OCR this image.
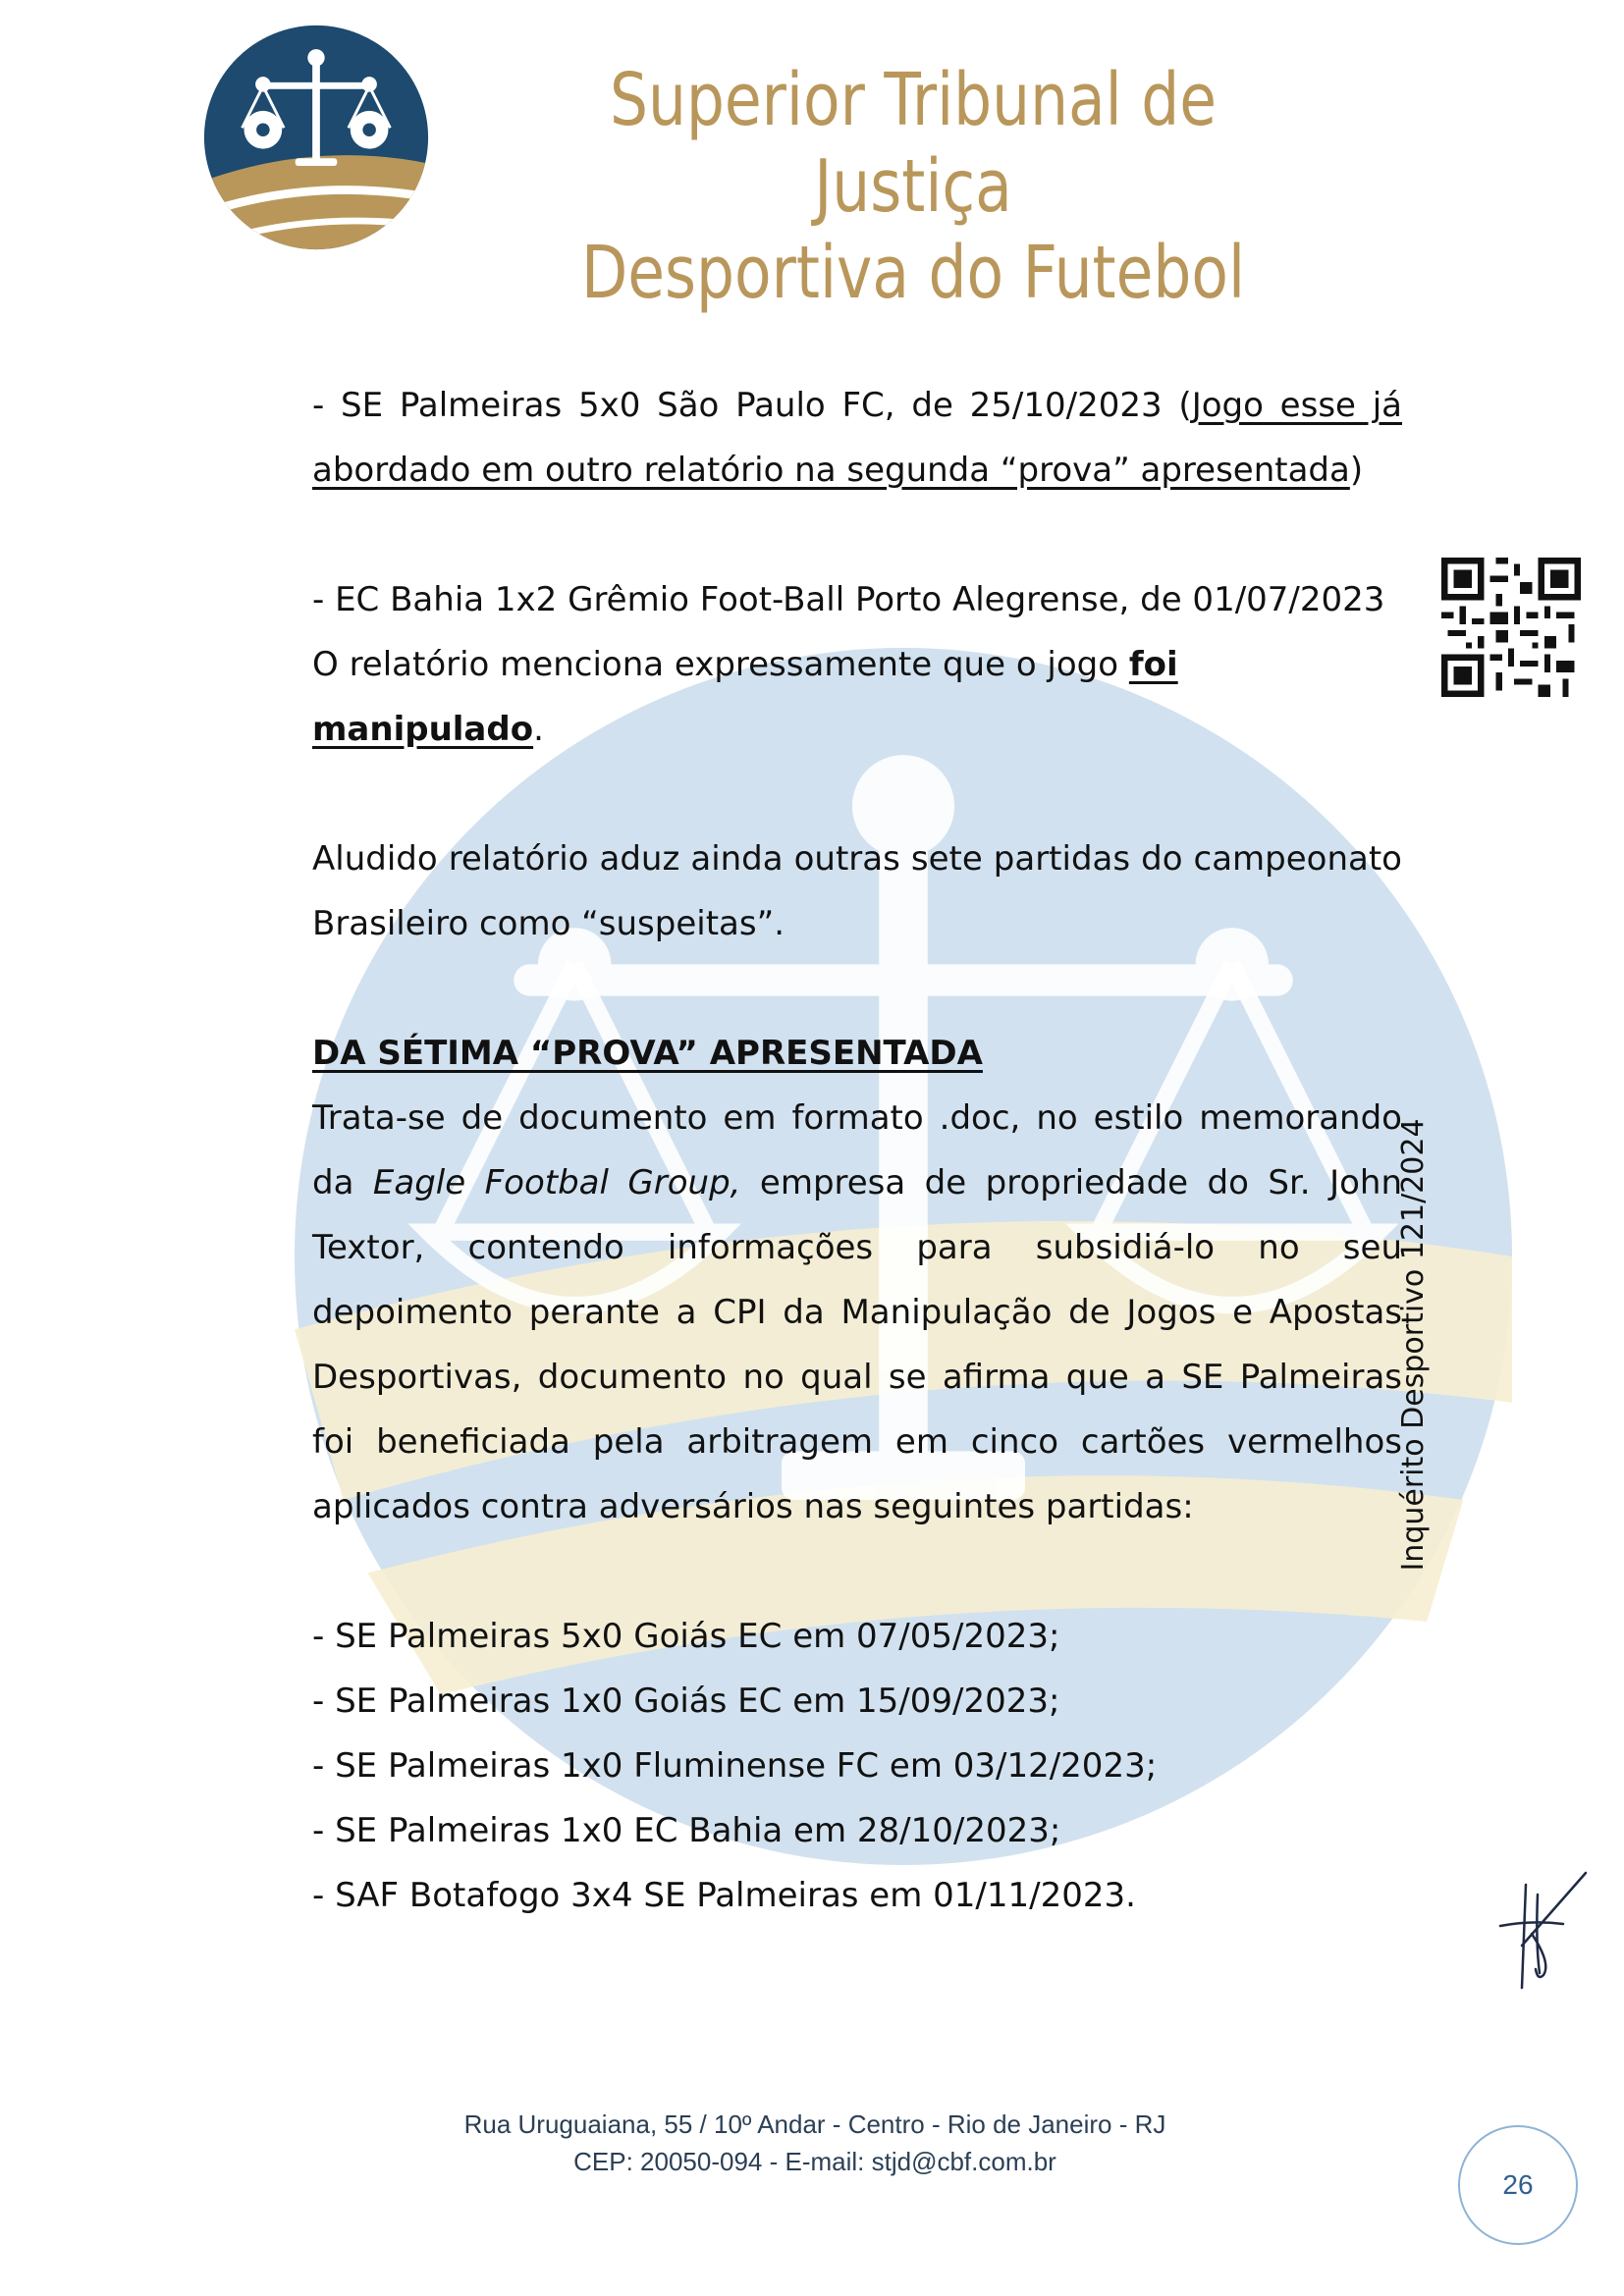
Superior Tribunal de Justiça
Desportiva do Futebol

- SE Palmeiras 5x0 São Paulo FC, de 25/10/2023 (Jogo esse já abordado em outro relatório na segunda “prova” apresentada)

- EC Bahia 1x2 Grêmio Foot-Ball Porto Alegrense, de 01/07/2023
O relatório menciona expressamente que o jogo foi manipulado.

Aludido relatório aduz ainda outras sete partidas do campeonato Brasileiro como “suspeitas”.

DA SÉTIMA “PROVA” APRESENTADA

Trata-se de documento em formato .doc, no estilo memorando da Eagle Footbal Group, empresa de propriedade do Sr. John Textor, contendo informações para subsidiá-lo no seu depoimento perante a CPI da Manipulação de Jogos e Apostas Desportivas, documento no qual se afirma que a SE Palmeiras foi beneficiada pela arbitragem em cinco cartões vermelhos aplicados contra adversários nas seguintes partidas:

- SE Palmeiras 5x0 Goiás EC em 07/05/2023;

- SE Palmeiras 1x0 Goiás EC em 15/09/2023;

- SE Palmeiras 1x0 Fluminense FC em 03/12/2023;

- SE Palmeiras 1x0 EC Bahia em 28/10/2023;

- SAF Botafogo 3x4 SE Palmeiras em 01/11/2023.

Inquérito Desportivo 121/2024
Rua Uruguaiana, 55 / 10º Andar - Centro - Rio de Janeiro - RJ
CEP: 20050-094 - E-mail: stjd@cbf.com.br
26
